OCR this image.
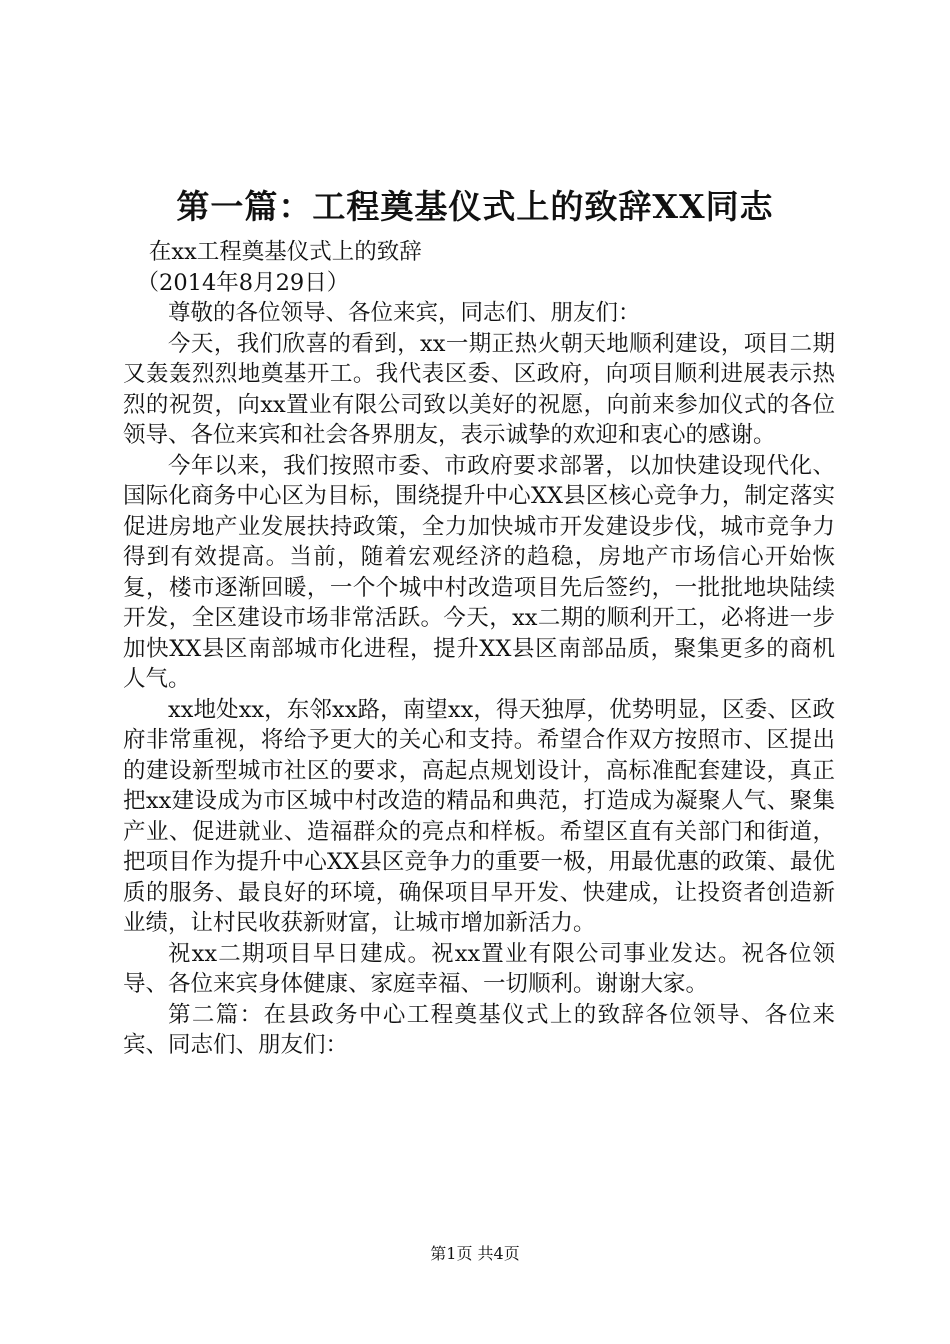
第一篇：工程奠基仪式上的致辞XX同志

在xx工程奠基仪式上的致辞

（2014年8月29日）

尊敬的各位领导、各位来宾，同志们、朋友们：

今天，我们欣喜的看到，xx一期正热火朝天地顺利建设，项目二期又轰轰烈烈地奠基开工。我代表区委、区政府，向项目顺利进展表示热烈的祝贺，向xx置业有限公司致以美好的祝愿，向前来参加仪式的各位领导、各位来宾和社会各界朋友，表示诚挚的欢迎和衷心的感谢。

今年以来，我们按照市委、市政府要求部署，以加快建设现代化、国际化商务中心区为目标，围绕提升中心XX县区核心竞争力，制定落实促进房地产业发展扶持政策，全力加快城市开发建设步伐，城市竞争力得到有效提高。当前，随着宏观经济的趋稳，房地产市场信心开始恢复，楼市逐渐回暖，一个个城中村改造项目先后签约，一批批地块陆续开发，全区建设市场非常活跃。今天，xx二期的顺利开工，必将进一步加快XX县区南部城市化进程，提升XX县区南部品质，聚集更多的商机人气。

xx地处xx，东邻xx路，南望xx，得天独厚，优势明显，区委、区政府非常重视，将给予更大的关心和支持。希望合作双方按照市、区提出的建设新型城市社区的要求，高起点规划设计，高标准配套建设，真正把xx建设成为市区城中村改造的精品和典范，打造成为凝聚人气、聚集产业、促进就业、造福群众的亮点和样板。希望区直有关部门和街道，把项目作为提升中心XX县区竞争力的重要一极，用最优惠的政策、最优质的服务、最良好的环境，确保项目早开发、快建成，让投资者创造新业绩，让村民收获新财富，让城市增加新活力。

祝xx二期项目早日建成。祝xx置业有限公司事业发达。祝各位领导、各位来宾身体健康、家庭幸福、一切顺利。谢谢大家。

第二篇：在县政务中心工程奠基仪式上的致辞各位领导、各位来宾、同志们、朋友们：

第1页 共4页
